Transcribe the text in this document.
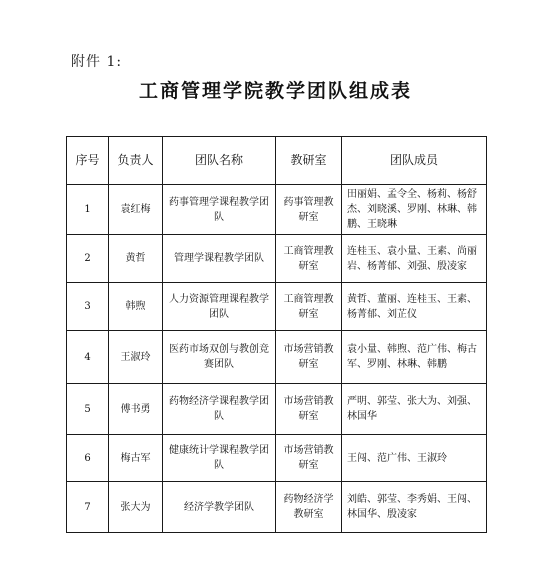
附件 1:
工商管理学院教学团队组成表
序号	负责人	团队名称	教研室	团队成员
1	袁红梅	药事管理学课程教学团队	药事管理教研室	田丽娟、孟令全、杨莉、杨舒杰、刘晓溪、罗刚、林琳、韩鹏、王晓琳
2	黄哲	管理学课程教学团队	工商管理教研室	连桂玉、袁小量、王素、尚丽岩、杨菁郁、刘强、殷凌家
3	韩煦	人力资源管理课程教学团队	工商管理教研室	黄哲、董丽、连桂玉、王素、杨菁郁、刘芷仪
4	王淑玲	医药市场双创与教创竞赛团队	市场营销教研室	袁小量、韩煦、范广伟、梅古军、罗刚、林琳、韩鹏
5	傅书勇	药物经济学课程教学团队	市场营销教研室	严明、郭莹、张大为、刘强、林国华
6	梅古军	健康统计学课程教学团队	市场营销教研室	王闯、范广伟、王淑玲
7	张大为	经济学教学团队	药物经济学教研室	刘皓、郭莹、李秀娟、王闯、林国华、殷凌家
